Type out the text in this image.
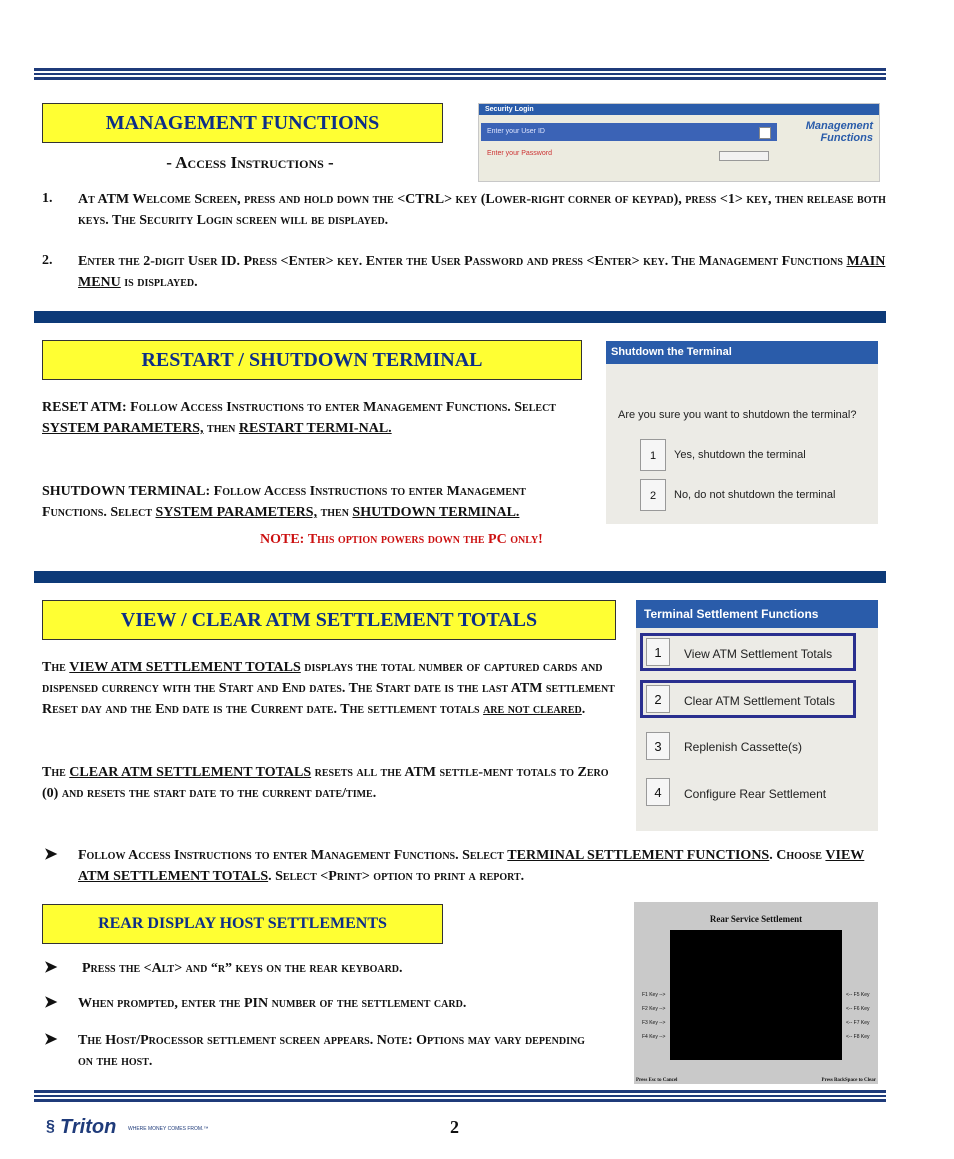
MANAGEMENT FUNCTIONS
- Access Instructions -
Security Login
Enter your User ID
Enter your Password
Management
Functions
1. At ATM Welcome Screen, press and hold down the <CTRL> key (Lower-right corner of keypad), press <1> key, then release both keys. The Security Login screen will be displayed.
2. Enter the 2-digit User ID. Press <Enter> key. Enter the User Password and press <Enter> key. The Management Functions MAIN MENU is displayed.
RESTART / SHUTDOWN TERMINAL
RESET ATM: Follow Access Instructions to enter Management Functions. Select SYSTEM PARAMETERS, then RESTART TERMI-NAL.
SHUTDOWN TERMINAL: Follow Access Instructions to enter Management Functions. Select SYSTEM PARAMETERS, then SHUTDOWN TERMINAL.
NOTE: This option powers down the PC only!
Shutdown the Terminal
Are you sure you want to shutdown the terminal?
1	Yes, shutdown the terminal
2	No, do not shutdown the terminal
VIEW / CLEAR ATM SETTLEMENT TOTALS
The VIEW ATM SETTLEMENT TOTALS displays the total number of captured cards and dispensed currency with the Start and End dates. The Start date is the last ATM settlement Reset day and the End date is the Current date. The settlement totals are not cleared.
The CLEAR ATM SETTLEMENT TOTALS resets all the ATM settle-ment totals to Zero (0) and resets the start date to the current date/time.
➤ Follow Access Instructions to enter Management Functions. Select TERMINAL SETTLEMENT FUNCTIONS. Choose VIEW ATM SETTLEMENT TOTALS. Select <Print> option to print a report.
Terminal Settlement Functions
1	View ATM Settlement Totals
2	Clear ATM Settlement Totals
3	Replenish Cassette(s)
4	Configure Rear Settlement
REAR DISPLAY HOST SETTLEMENTS
➤ Press the <Alt> and “r” keys on the rear keyboard.
➤ When prompted, enter the PIN number of the settlement card.
➤ The Host/Processor settlement screen appears. Note: Options may vary depending on the host.
Rear Service Settlement
F1 Key -->
F2 Key -->
F3 Key -->
F4 Key -->
<-- F5 Key
<-- F6 Key
<-- F7 Key
<-- F8 Key
Press Esc to Cancel	Press BackSpace to Clear
§ Triton WHERE MONEY COMES FROM.™	2
